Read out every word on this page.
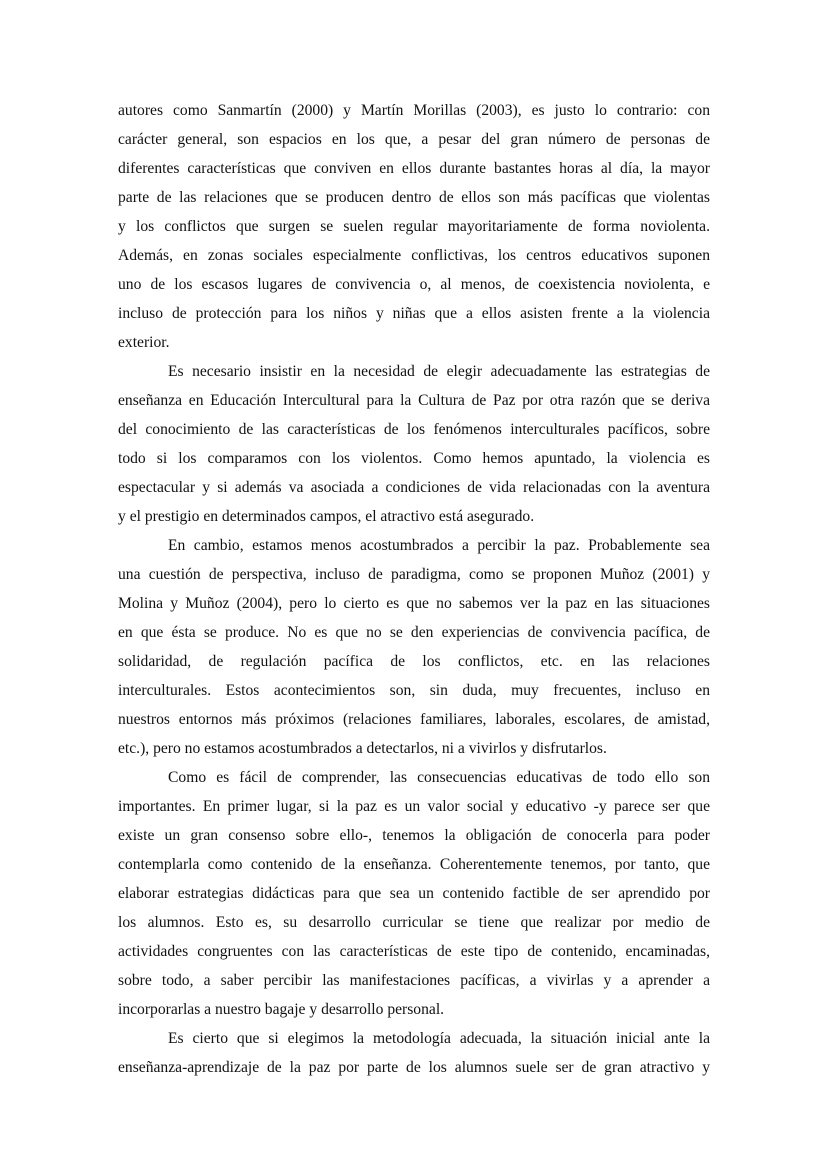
autores como Sanmartín (2000) y Martín Morillas (2003), es justo lo contrario: con
carácter general, son espacios en los que, a pesar del gran número de personas de
diferentes características que conviven en ellos durante bastantes horas al día, la mayor
parte de las relaciones que se producen dentro de ellos son más pacíficas que violentas
y los conflictos que surgen se suelen regular mayoritariamente de forma noviolenta.
Además, en zonas sociales especialmente conflictivas, los centros educativos suponen
uno de los escasos lugares de convivencia o, al menos, de coexistencia noviolenta, e
incluso de protección para los niños y niñas que a ellos asisten frente a la violencia
exterior.
Es necesario insistir en la necesidad de elegir adecuadamente las estrategias de
enseñanza en Educación Intercultural para la Cultura de Paz por otra razón que se deriva
del conocimiento de las características de los fenómenos interculturales pacíficos, sobre
todo si los comparamos con los violentos. Como hemos apuntado, la violencia es
espectacular y si además va asociada a condiciones de vida relacionadas con la aventura
y el prestigio en determinados campos, el atractivo está asegurado.
En cambio, estamos menos acostumbrados a percibir la paz. Probablemente sea
una cuestión de perspectiva, incluso de paradigma, como se proponen Muñoz (2001) y
Molina y Muñoz (2004), pero lo cierto es que no sabemos ver la paz en las situaciones
en que ésta se produce. No es que no se den experiencias de convivencia pacífica, de
solidaridad, de regulación pacífica de los conflictos, etc. en las relaciones
interculturales. Estos acontecimientos son, sin duda, muy frecuentes, incluso en
nuestros entornos más próximos (relaciones familiares, laborales, escolares, de amistad,
etc.), pero no estamos acostumbrados a detectarlos, ni a vivirlos y disfrutarlos.
Como es fácil de comprender, las consecuencias educativas de todo ello son
importantes. En primer lugar, si la paz es un valor social y educativo -y parece ser que
existe un gran consenso sobre ello-, tenemos la obligación de conocerla para poder
contemplarla como contenido de la enseñanza. Coherentemente tenemos, por tanto, que
elaborar estrategias didácticas para que sea un contenido factible de ser aprendido por
los alumnos. Esto es, su desarrollo curricular se tiene que realizar por medio de
actividades congruentes con las características de este tipo de contenido, encaminadas,
sobre todo, a saber percibir las manifestaciones pacíficas, a vivirlas y a aprender a
incorporarlas a nuestro bagaje y desarrollo personal.
Es cierto que si elegimos la metodología adecuada, la situación inicial ante la
enseñanza-aprendizaje de la paz por parte de los alumnos suele ser de gran atractivo y
